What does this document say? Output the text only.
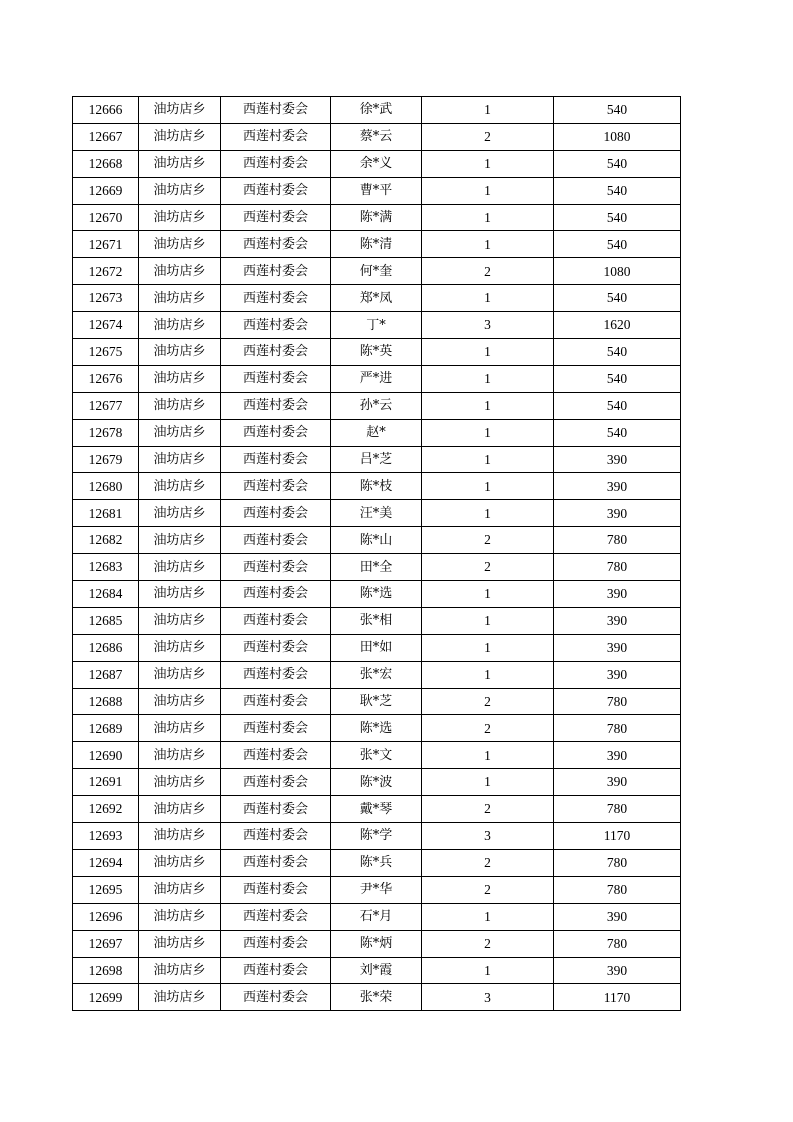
12666	油坊店乡	西莲村委会	徐*武	1	540
12667	油坊店乡	西莲村委会	蔡*云	2	1080
12668	油坊店乡	西莲村委会	余*义	1	540
12669	油坊店乡	西莲村委会	曹*平	1	540
12670	油坊店乡	西莲村委会	陈*满	1	540
12671	油坊店乡	西莲村委会	陈*清	1	540
12672	油坊店乡	西莲村委会	何*奎	2	1080
12673	油坊店乡	西莲村委会	郑*凤	1	540
12674	油坊店乡	西莲村委会	丁*	3	1620
12675	油坊店乡	西莲村委会	陈*英	1	540
12676	油坊店乡	西莲村委会	严*进	1	540
12677	油坊店乡	西莲村委会	孙*云	1	540
12678	油坊店乡	西莲村委会	赵*	1	540
12679	油坊店乡	西莲村委会	吕*芝	1	390
12680	油坊店乡	西莲村委会	陈*枝	1	390
12681	油坊店乡	西莲村委会	汪*美	1	390
12682	油坊店乡	西莲村委会	陈*山	2	780
12683	油坊店乡	西莲村委会	田*全	2	780
12684	油坊店乡	西莲村委会	陈*选	1	390
12685	油坊店乡	西莲村委会	张*相	1	390
12686	油坊店乡	西莲村委会	田*如	1	390
12687	油坊店乡	西莲村委会	张*宏	1	390
12688	油坊店乡	西莲村委会	耿*芝	2	780
12689	油坊店乡	西莲村委会	陈*选	2	780
12690	油坊店乡	西莲村委会	张*文	1	390
12691	油坊店乡	西莲村委会	陈*波	1	390
12692	油坊店乡	西莲村委会	戴*琴	2	780
12693	油坊店乡	西莲村委会	陈*学	3	1170
12694	油坊店乡	西莲村委会	陈*兵	2	780
12695	油坊店乡	西莲村委会	尹*华	2	780
12696	油坊店乡	西莲村委会	石*月	1	390
12697	油坊店乡	西莲村委会	陈*炳	2	780
12698	油坊店乡	西莲村委会	刘*霞	1	390
12699	油坊店乡	西莲村委会	张*荣	3	1170
